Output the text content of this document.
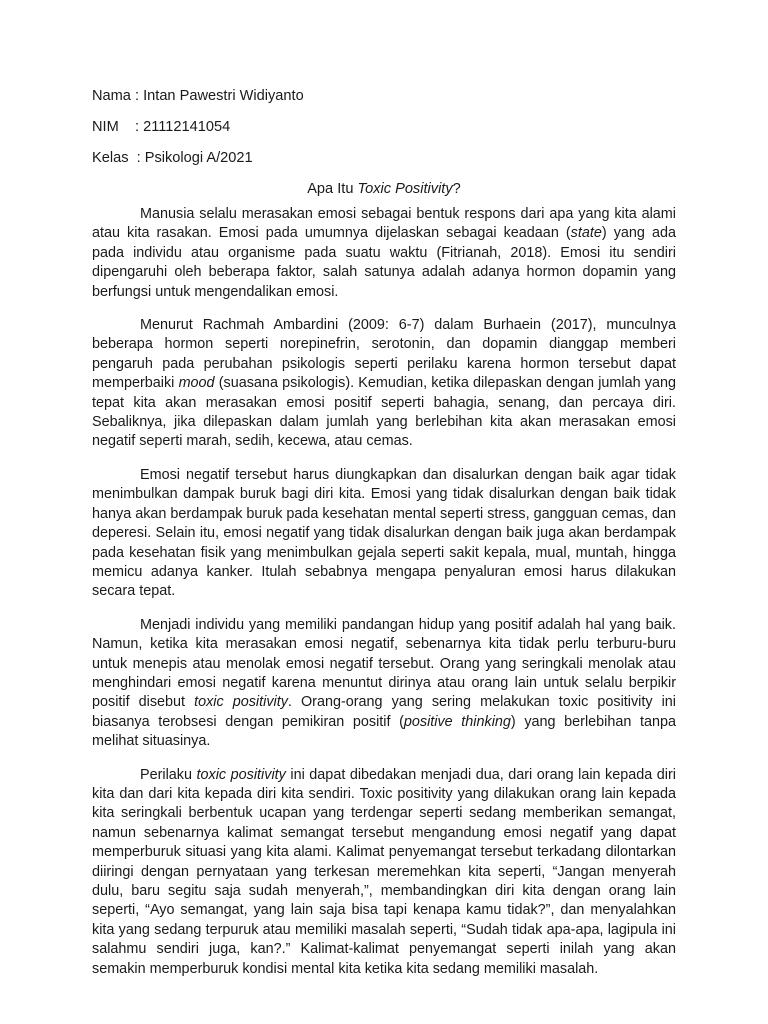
Nama : Intan Pawestri Widiyanto
NIM    : 21112141054
Kelas  : Psikologi A/2021
Apa Itu Toxic Positivity?

Manusia selalu merasakan emosi sebagai bentuk respons dari apa yang kita alami atau kita rasakan. Emosi pada umumnya dijelaskan sebagai keadaan (state) yang ada pada individu atau organisme pada suatu waktu (Fitrianah, 2018). Emosi itu sendiri dipengaruhi oleh beberapa faktor, salah satunya adalah adanya hormon dopamin yang berfungsi untuk mengendalikan emosi.

Menurut Rachmah Ambardini (2009: 6-7) dalam Burhaein (2017), munculnya beberapa hormon seperti norepinefrin, serotonin, dan dopamin dianggap memberi pengaruh pada perubahan psikologis seperti perilaku karena hormon tersebut dapat memperbaiki mood (suasana psikologis). Kemudian, ketika dilepaskan dengan jumlah yang tepat kita akan merasakan emosi positif seperti bahagia, senang, dan percaya diri. Sebaliknya, jika dilepaskan dalam jumlah yang berlebihan kita akan merasakan emosi negatif seperti marah, sedih, kecewa, atau cemas.

Emosi negatif tersebut harus diungkapkan dan disalurkan dengan baik agar tidak menimbulkan dampak buruk bagi diri kita. Emosi yang tidak disalurkan dengan baik tidak hanya akan berdampak buruk pada kesehatan mental seperti stress, gangguan cemas, dan deperesi. Selain itu, emosi negatif yang tidak disalurkan dengan baik juga akan berdampak pada kesehatan fisik yang menimbulkan gejala seperti sakit kepala, mual, muntah, hingga memicu adanya kanker. Itulah sebabnya mengapa penyaluran emosi harus dilakukan secara tepat.

Menjadi individu yang memiliki pandangan hidup yang positif adalah hal yang baik. Namun, ketika kita merasakan emosi negatif, sebenarnya kita tidak perlu terburu-buru untuk menepis atau menolak emosi negatif tersebut. Orang yang seringkali menolak atau menghindari emosi negatif karena menuntut dirinya atau orang lain untuk selalu berpikir positif disebut toxic positivity. Orang-orang yang sering melakukan toxic positivity ini biasanya terobsesi dengan pemikiran positif (positive thinking) yang berlebihan tanpa melihat situasinya.

Perilaku toxic positivity ini dapat dibedakan menjadi dua, dari orang lain kepada diri kita dan dari kita kepada diri kita sendiri. Toxic positivity yang dilakukan orang lain kepada kita seringkali berbentuk ucapan yang terdengar seperti sedang memberikan semangat, namun sebenarnya kalimat semangat tersebut mengandung emosi negatif yang dapat memperburuk situasi yang kita alami. Kalimat penyemangat tersebut terkadang dilontarkan diiringi dengan pernyataan yang terkesan meremehkan kita seperti, “Jangan menyerah dulu, baru segitu saja sudah menyerah,”, membandingkan diri kita dengan orang lain seperti, “Ayo semangat, yang lain saja bisa tapi kenapa kamu tidak?”, dan menyalahkan kita yang sedang terpuruk atau memiliki masalah seperti, “Sudah tidak apa-apa, lagipula ini salahmu sendiri juga, kan?.” Kalimat-kalimat penyemangat seperti inilah yang akan semakin memperburuk kondisi mental kita ketika kita sedang memiliki masalah.
